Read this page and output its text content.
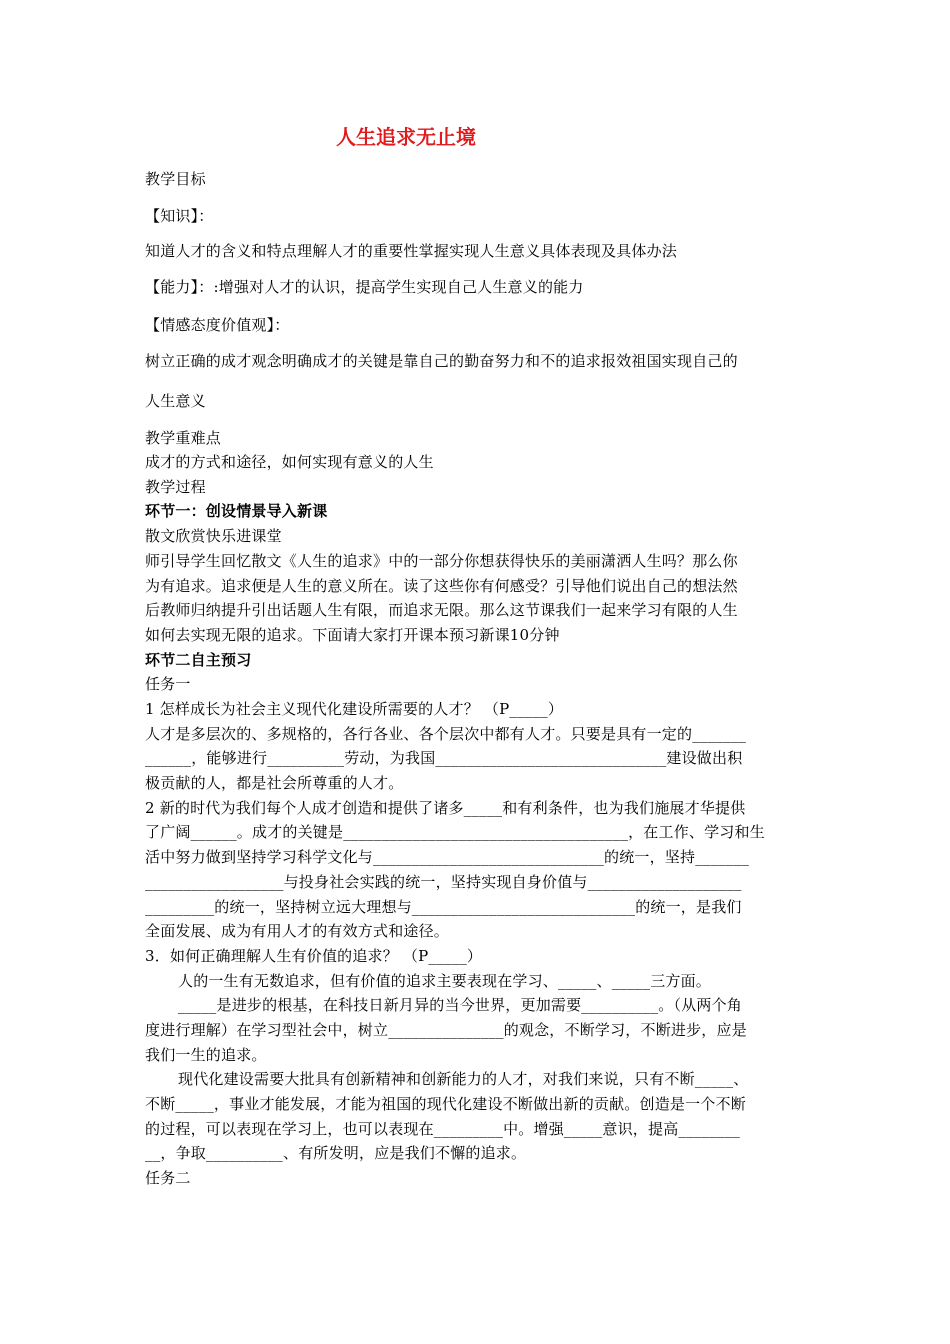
人生追求无止境
教学目标
【知识】：
知道人才的含义和特点理解人才的重要性掌握实现人生意义具体表现及具体办法
【能力】：:增强对人才的认识，提高学生实现自己人生意义的能力
【情感态度价值观】：
树立正确的成才观念明确成才的关键是靠自己的勤奋努力和不的追求报效祖国实现自己的
人生意义
教学重难点
成才的方式和途径，如何实现有意义的人生
教学过程
环节一：创设情景导入新课
散文欣赏快乐进课堂
师引导学生回忆散文《人生的追求》中的一部分你想获得快乐的美丽潇洒人生吗？那么你
为有追求。追求便是人生的意义所在。读了这些你有何感受？引导他们说出自己的想法然
后教师归纳提升引出话题人生有限，而追求无限。那么这节课我们一起来学习有限的人生
如何去实现无限的追求。下面请大家打开课本预习新课10分钟
环节二自主预习
任务一
1 怎样成长为社会主义现代化建设所需要的人才？ （P_____）
人才是多层次的、多规格的，各行各业、各个层次中都有人才。只要是具有一定的_______
______，能够进行__________劳动，为我国______________________________建设做出积
极贡献的人，都是社会所尊重的人才。
2 新的时代为我们每个人成才创造和提供了诸多_____和有利条件，也为我们施展才华提供
了广阔______。成才的关键是_____________________________________，在工作、学习和生
活中努力做到坚持学习科学文化与______________________________的统一，坚持_______
__________________与投身社会实践的统一，坚持实现自身价值与____________________
_________的统一，坚持树立远大理想与_____________________________的统一，是我们
全面发展、成为有用人才的有效方式和途径。
3．如何正确理解人生有价值的追求？ （P_____）
人的一生有无数追求，但有价值的追求主要表现在学习、_____、_____三方面。
_____是进步的根基，在科技日新月异的当今世界，更加需要__________。（从两个角
度进行理解）在学习型社会中，树立_______________的观念，不断学习，不断进步，应是
我们一生的追求。
现代化建设需要大批具有创新精神和创新能力的人才，对我们来说，只有不断_____、
不断_____，事业才能发展，才能为祖国的现代化建设不断做出新的贡献。创造是一个不断
的过程，可以表现在学习上，也可以表现在_________中。增强_____意识，提高________
__，争取__________、有所发明，应是我们不懈的追求。
任务二
